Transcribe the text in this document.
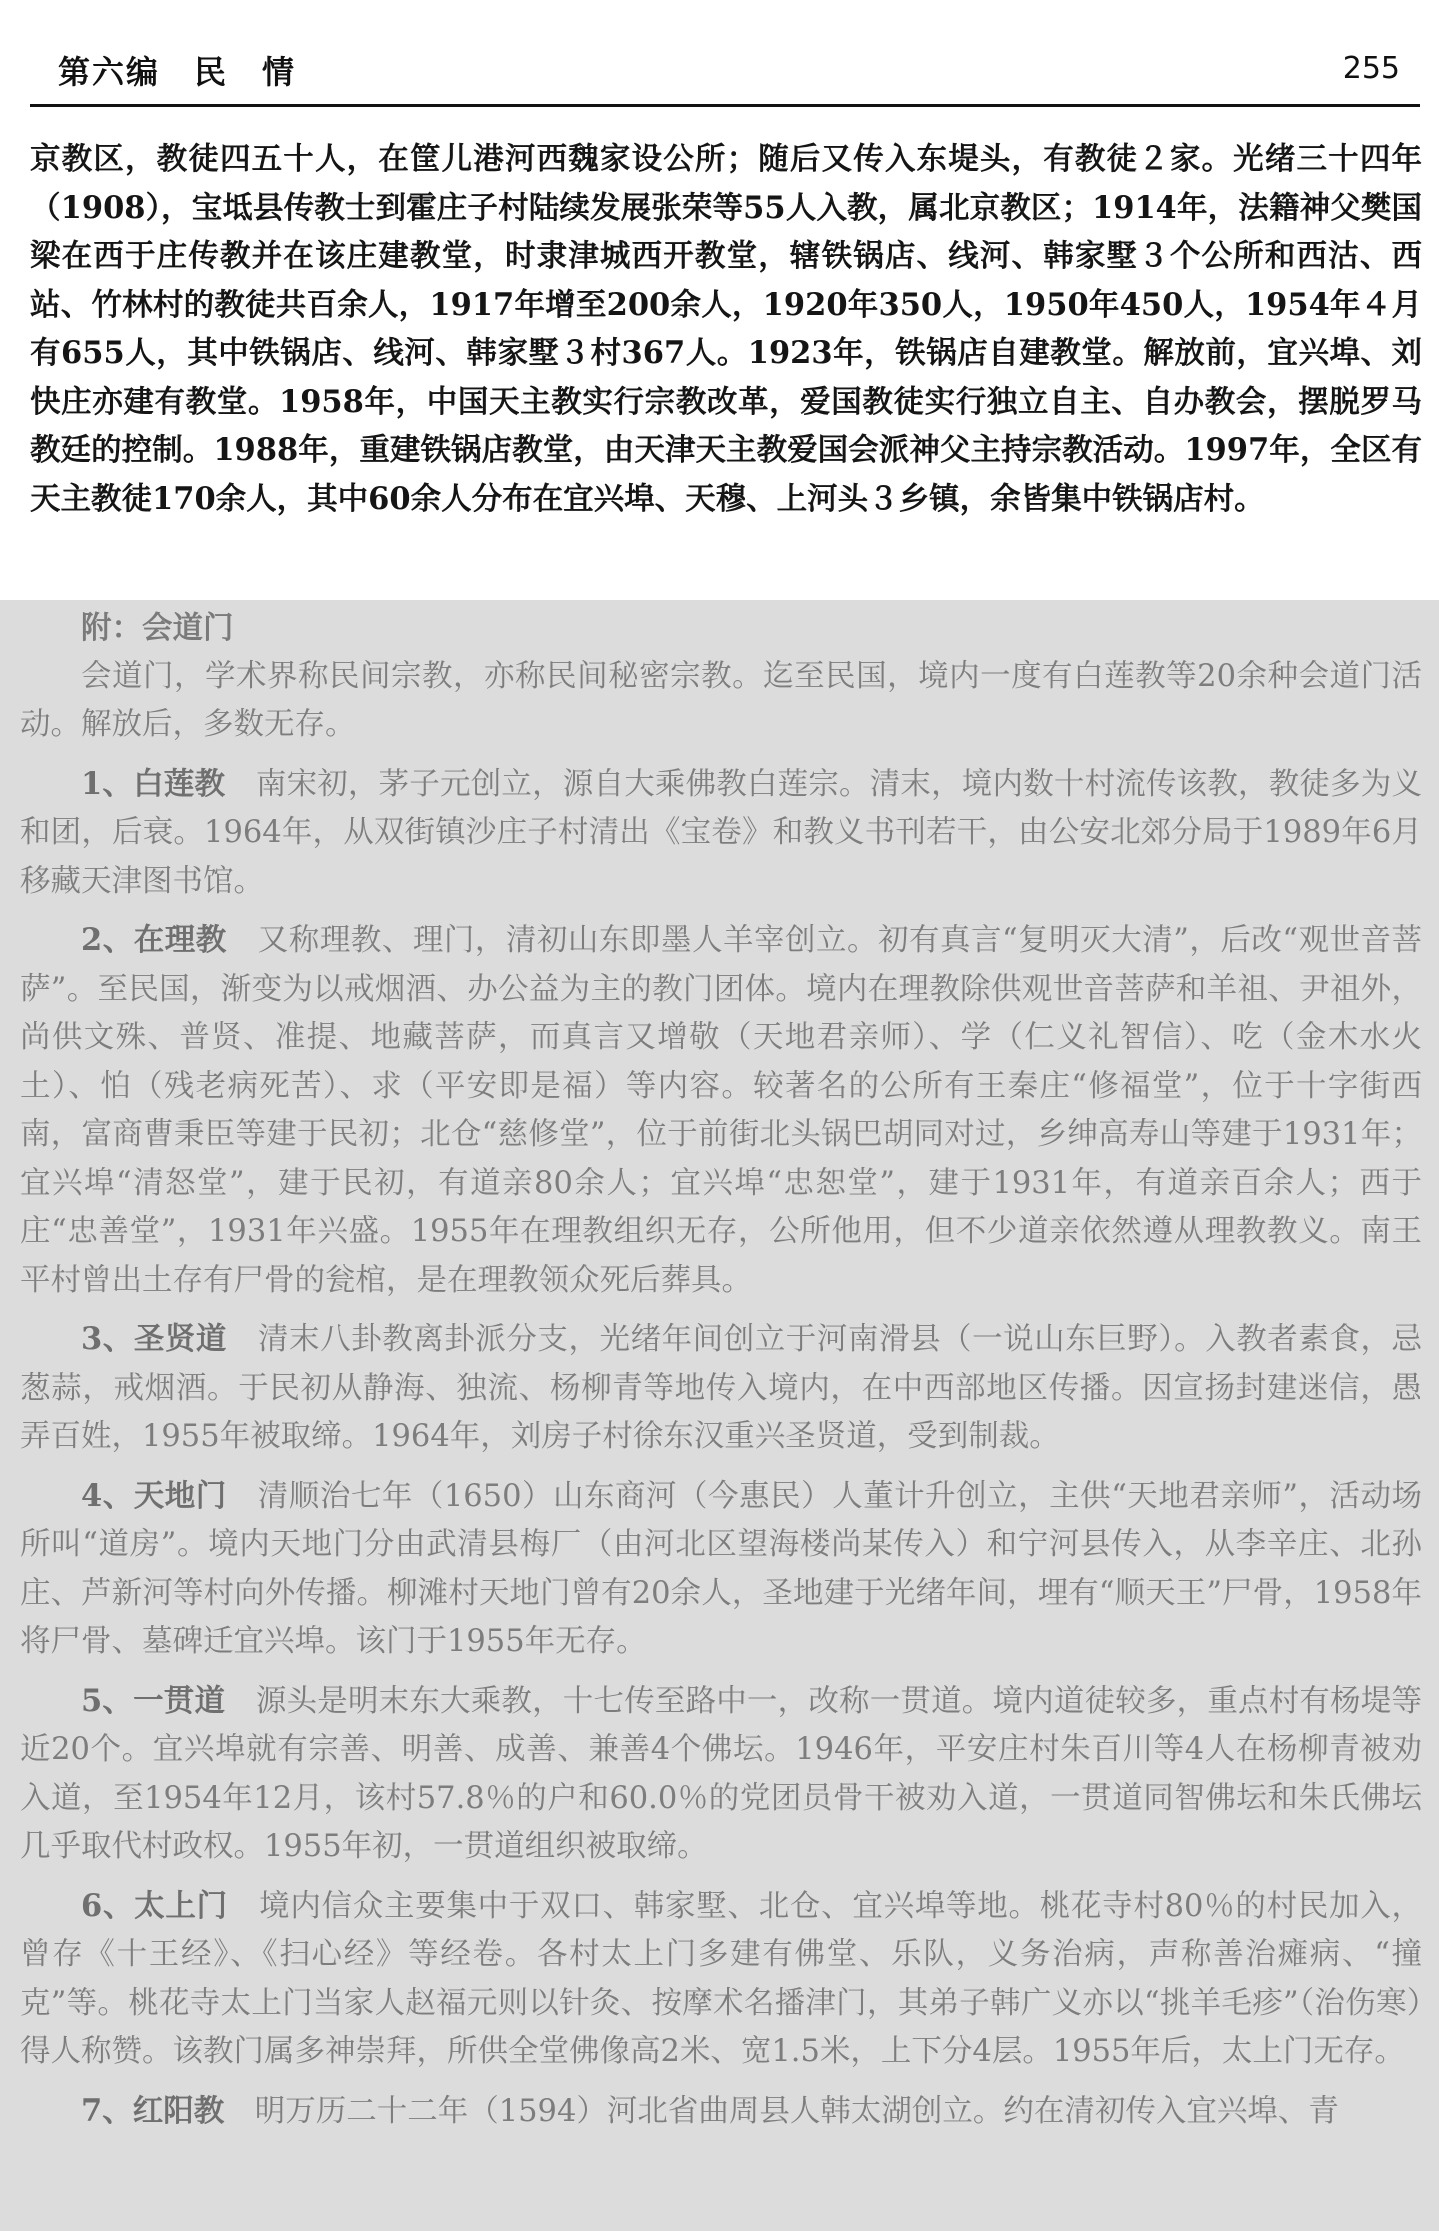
第六编　民　情	255
京教区，教徒四五十人，在筐儿港河西魏家设公所；随后又传入东堤头，有教徒２家。光绪三十四年（1908），宝坻县传教士到霍庄子村陆续发展张荣等55人入教，属北京教区；1914年，法籍神父樊国梁在西于庄传教并在该庄建教堂，时隶津城西开教堂，辖铁锅店、线河、韩家墅３个公所和西沽、西站、竹林村的教徒共百余人，1917年增至200余人，1920年350人，1950年450人，1954年４月有655人，其中铁锅店、线河、韩家墅３村367人。1923年，铁锅店自建教堂。解放前，宜兴埠、刘快庄亦建有教堂。1958年，中国天主教实行宗教改革，爱国教徒实行独立自主、自办教会，摆脱罗马教廷的控制。1988年，重建铁锅店教堂，由天津天主教爱国会派神父主持宗教活动。1997年，全区有天主教徒170余人，其中60余人分布在宜兴埠、天穆、上河头３乡镇，余皆集中铁锅店村。

附：会道门

会道门，学术界称民间宗教，亦称民间秘密宗教。迄至民国，境内一度有白莲教等20余种会道门活动。解放后，多数无存。

1、白莲教　 南宋初，茅子元创立，源自大乘佛教白莲宗。清末，境内数十村流传该教，教徒多为义和团，后衰。1964年，从双街镇沙庄子村清出《宝卷》和教义书刊若干，由公安北郊分局于1989年6月移藏天津图书馆。

2、在理教　 又称理教、理门，清初山东即墨人羊宰创立。初有真言“复明灭大清”，后改“观世音菩萨”。至民国，渐变为以戒烟酒、办公益为主的教门团体。境内在理教除供观世音菩萨和羊祖、尹祖外，尚供文殊、普贤、准提、地藏菩萨，而真言又增敬（天地君亲师）、学（仁义礼智信）、吃（金木水火土）、怕（残老病死苦）、求（平安即是福）等内容。较著名的公所有王秦庄“修福堂”，位于十字街西南，富商曹秉臣等建于民初；北仓“慈修堂”，位于前街北头锅巴胡同对过，乡绅高寿山等建于1931年；宜兴埠“清怒堂”，建于民初，有道亲80余人；宜兴埠“忠恕堂”，建于1931年，有道亲百余人；西于庄“忠善堂”，1931年兴盛。1955年在理教组织无存，公所他用，但不少道亲依然遵从理教教义。南王平村曾出土存有尸骨的瓮棺，是在理教领众死后葬具。

3、圣贤道　 清末八卦教离卦派分支，光绪年间创立于河南滑县（一说山东巨野）。入教者素食，忌葱蒜，戒烟酒。于民初从静海、独流、杨柳青等地传入境内，在中西部地区传播。因宣扬封建迷信，愚弄百姓，1955年被取缔。1964年，刘房子村徐东汉重兴圣贤道，受到制裁。

4、天地门　 清顺治七年（1650）山东商河（今惠民）人董计升创立，主供“天地君亲师”，活动场所叫“道房”。境内天地门分由武清县梅厂（由河北区望海楼尚某传入）和宁河县传入，从李辛庄、北孙庄、芦新河等村向外传播。柳滩村天地门曾有20余人，圣地建于光绪年间，埋有“顺天王”尸骨，1958年将尸骨、墓碑迁宜兴埠。该门于1955年无存。

5、一贯道　 源头是明末东大乘教，十七传至路中一，改称一贯道。境内道徒较多，重点村有杨堤等近20个。宜兴埠就有宗善、明善、成善、兼善4个佛坛。1946年，平安庄村朱百川等4人在杨柳青被劝入道，至1954年12月，该村57.8％的户和60.0％的党团员骨干被劝入道，一贯道同智佛坛和朱氏佛坛几乎取代村政权。1955年初，一贯道组织被取缔。

6、太上门　 境内信众主要集中于双口、韩家墅、北仓、宜兴埠等地。桃花寺村80％的村民加入，曾存《十王经》、《扫心经》等经卷。各村太上门多建有佛堂、乐队，义务治病，声称善治瘫病、“撞克”等。桃花寺太上门当家人赵福元则以针灸、按摩术名播津门，其弟子韩广义亦以“挑羊毛疹”（治伤寒）得人称赞。该教门属多神崇拜，所供全堂佛像高2米、宽1.5米，上下分4层。1955年后，太上门无存。

7、红阳教　 明万历二十二年（1594）河北省曲周县人韩太湖创立。约在清初传入宜兴埠、青
